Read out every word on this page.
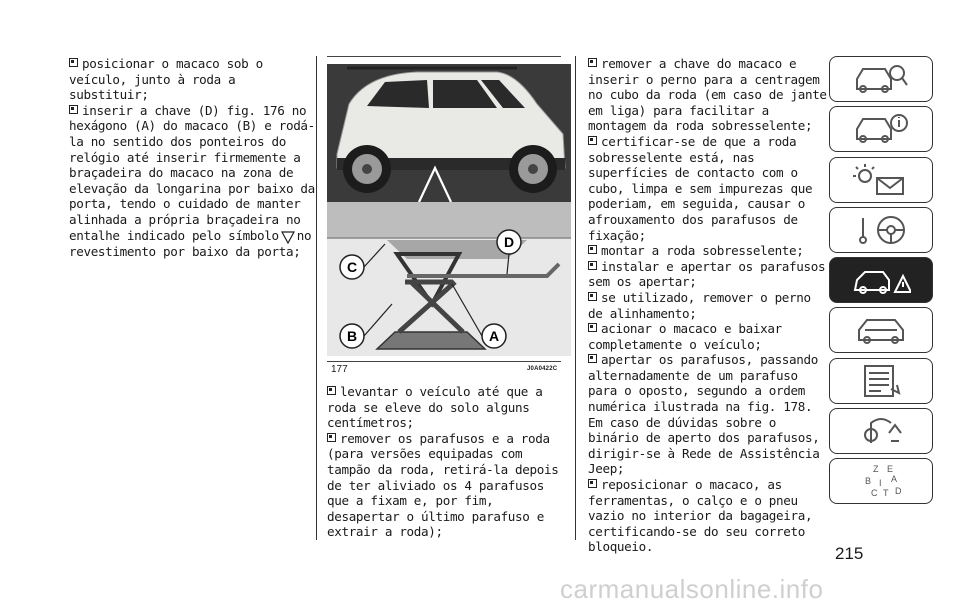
posicionar o macaco sob o veículo, junto à roda a substituir;

inserir a chave (D) fig. 176 no hexágono (A) do macaco (B) e rodá-la no sentido dos ponteiros do relógio até inserir firmemente a braçadeira do macaco na zona de elevação da longarina por baixo da porta, tendo o cuidado de manter alinhada a própria braçadeira no entalhe indicado pelo símbolo no revestimento por baixo da porta;

C
D
B	A
177	J0A0422C

levantar o veículo até que a roda se eleve do solo alguns centímetros;

remover os parafusos e a roda (para versões equipadas com tampão da roda, retirá-la depois de ter aliviado os 4 parafusos que a fixam e, por fim, desapertar o último parafuso e extrair a roda);

remover a chave do macaco e inserir o perno para a centragem no cubo da roda (em caso de jante em liga) para facilitar a montagem da roda sobresselente;

certificar-se de que a roda sobresselente está, nas superfícies de contacto com o cubo, limpa e sem impurezas que poderiam, em seguida, causar o afrouxamento dos parafusos de fixação;

montar a roda sobresselente;

instalar e apertar os parafusos sem os apertar;

se utilizado, remover o perno de alinhamento;

acionar o macaco e baixar completamente o veículo;

apertar os parafusos, passando alternadamente de um parafuso para o oposto, segundo a ordem numérica ilustrada na fig. 178. Em caso de dúvidas sobre o binário de aperto dos parafusos, dirigir-se à Rede de Assistência Jeep;

reposicionar o macaco, as ferramentas, o calço e o pneu vazio no interior da bagageira, certificando-se do seu correto bloqueio.

Z E
A
B I
C T D
215
carmanualsonline.info
